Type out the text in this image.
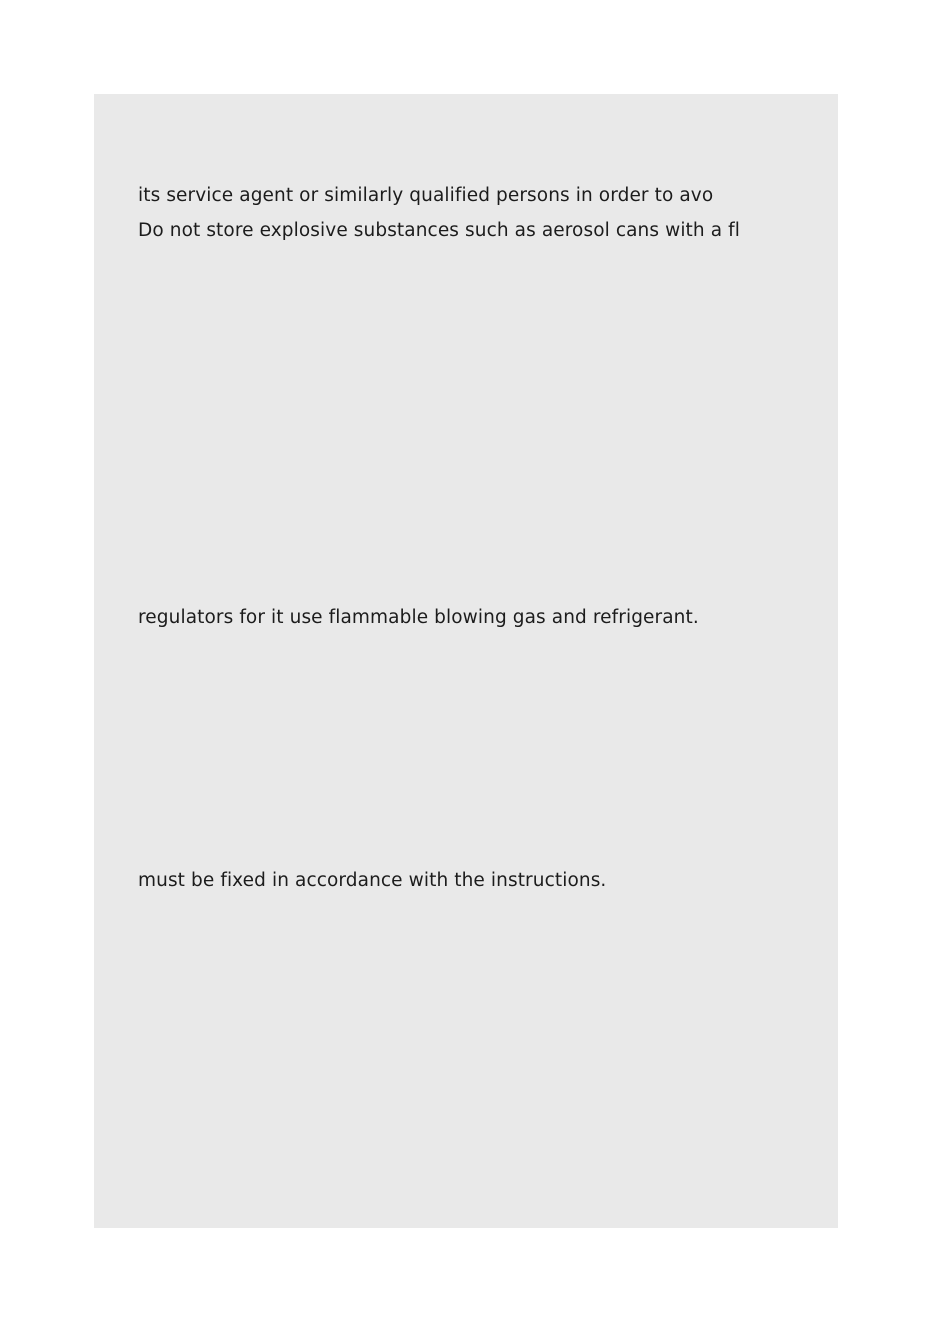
its service agent or similarly qualified persons in order to avo

Do not store explosive substances such as aerosol cans with a fl

regulators for it use flammable blowing gas and refrigerant.

must be fixed in accordance with the instructions.
